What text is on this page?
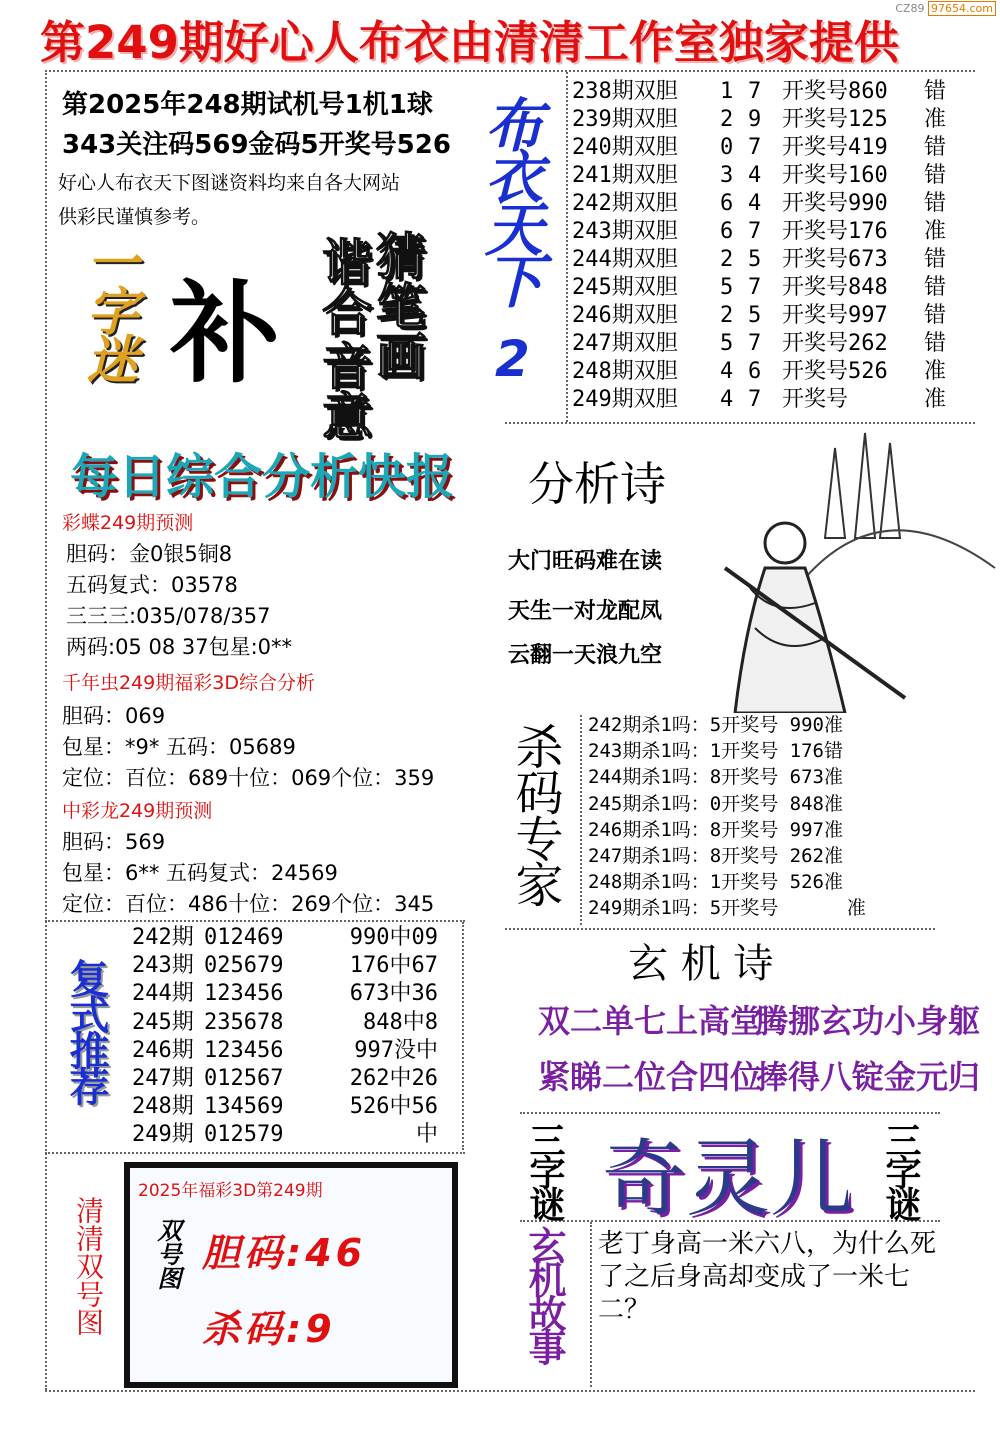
第249期好心人布衣由清清工作室独家提供
CZ89 97654.com
第2025年248期试机号1机1球
343关注码569金码5开奖号526
好心人布衣天下图谜资料均来自各大网站
供彩民谨慎参考。	布衣天下
2
一字迷 补 谐合
音意
猜笔画
每日综合分析快报
238期双胆 1 7 开奖号860 错
239期双胆 2 9 开奖号125 准
240期双胆 0 7 开奖号419 错
241期双胆 3 4 开奖号160 错
242期双胆 6 4 开奖号990 错
243期双胆 6 7 开奖号176 准
244期双胆 2 5 开奖号673 错
245期双胆 5 7 开奖号848 错
246期双胆 2 5 开奖号997 错
247期双胆 5 7 开奖号262 错
248期双胆 4 6 开奖号526 准
249期双胆 4 7 开奖号	准
分析诗
大门旺码难在读
天生一对龙配凤
云翻一天浪九空
彩蝶249期预测
胆码：金0银5铜8
五码复式：03578
三三三:035/078/357
两码:05 08 37包星:0**
千年虫249期福彩3D综合分析
胆码：069
包星：*9* 五码：05689
定位：百位：689十位：069个位：359
中彩龙249期预测
胆码：569
包星：6** 五码复式：24569
定位：百位：486十位：269个位：345 杀码专家 242期杀1吗：5开奖号 990准
243期杀1吗：1开奖号 176错
244期杀1吗：8开奖号 673准
245期杀1吗：0开奖号 848准
246期杀1吗：8开奖号 997准
247期杀1吗：8开奖号 262准
248期杀1吗：1开奖号 526准
249期杀1吗：5开奖号      准
复式推荐
242期 012469	990中09
243期 025679	176中67
244期 123456	673中36
245期 235678	848中8
246期 123456	997没中
247期 012567	262中26
248期 134569	526中56
249期 012579	中
玄 机 诗
双二单七上高堂
腾挪玄功小身躯
紧睇二位合四位
捧得八锭金元归
三字谜 奇灵儿 三字谜
玄机故事 老丁身高一米六八，为什么死了之后身高却变成了一米七二？
清清双号图
2025年福彩3D第249期
双号图 胆码:46
杀码:9
